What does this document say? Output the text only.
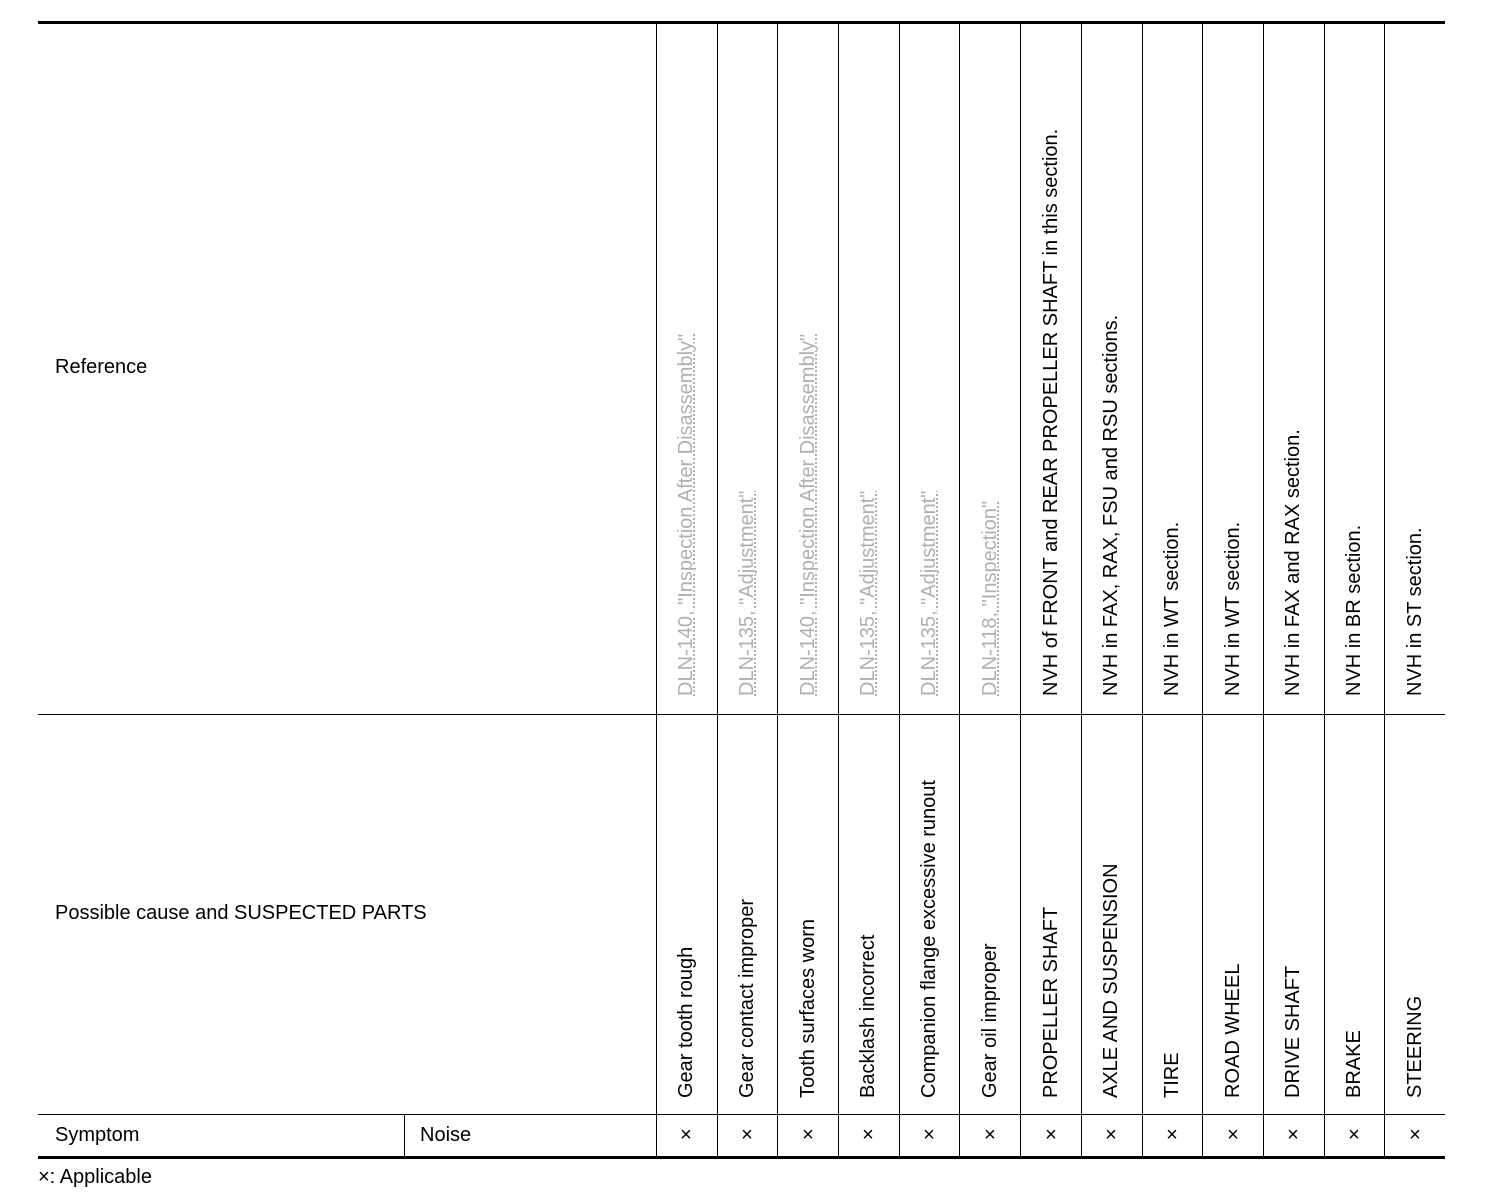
Reference
Possible cause and SUSPECTED PARTS
Symptom	Noise
DLN-140, "Inspection After Disassembly"
Gear tooth rough
×
DLN-135, "Adjustment"
Gear contact improper
×
DLN-140, "Inspection After Disassembly"
Tooth surfaces worn
×
DLN-135, "Adjustment"
Backlash incorrect
×
DLN-135, "Adjustment"
Companion flange excessive runout
×
DLN-118, "Inspection"
Gear oil improper
×
NVH of FRONT and REAR PROPELLER SHAFT in this section.
PROPELLER SHAFT
×
NVH in FAX, RAX, FSU and RSU sections.
AXLE AND SUSPENSION
×
NVH in WT section.
TIRE
×
NVH in WT section.
ROAD WHEEL
×
NVH in FAX and RAX section.
DRIVE SHAFT
×
NVH in BR section.
BRAKE
×
NVH in ST section.
STEERING
×
×: Applicable
